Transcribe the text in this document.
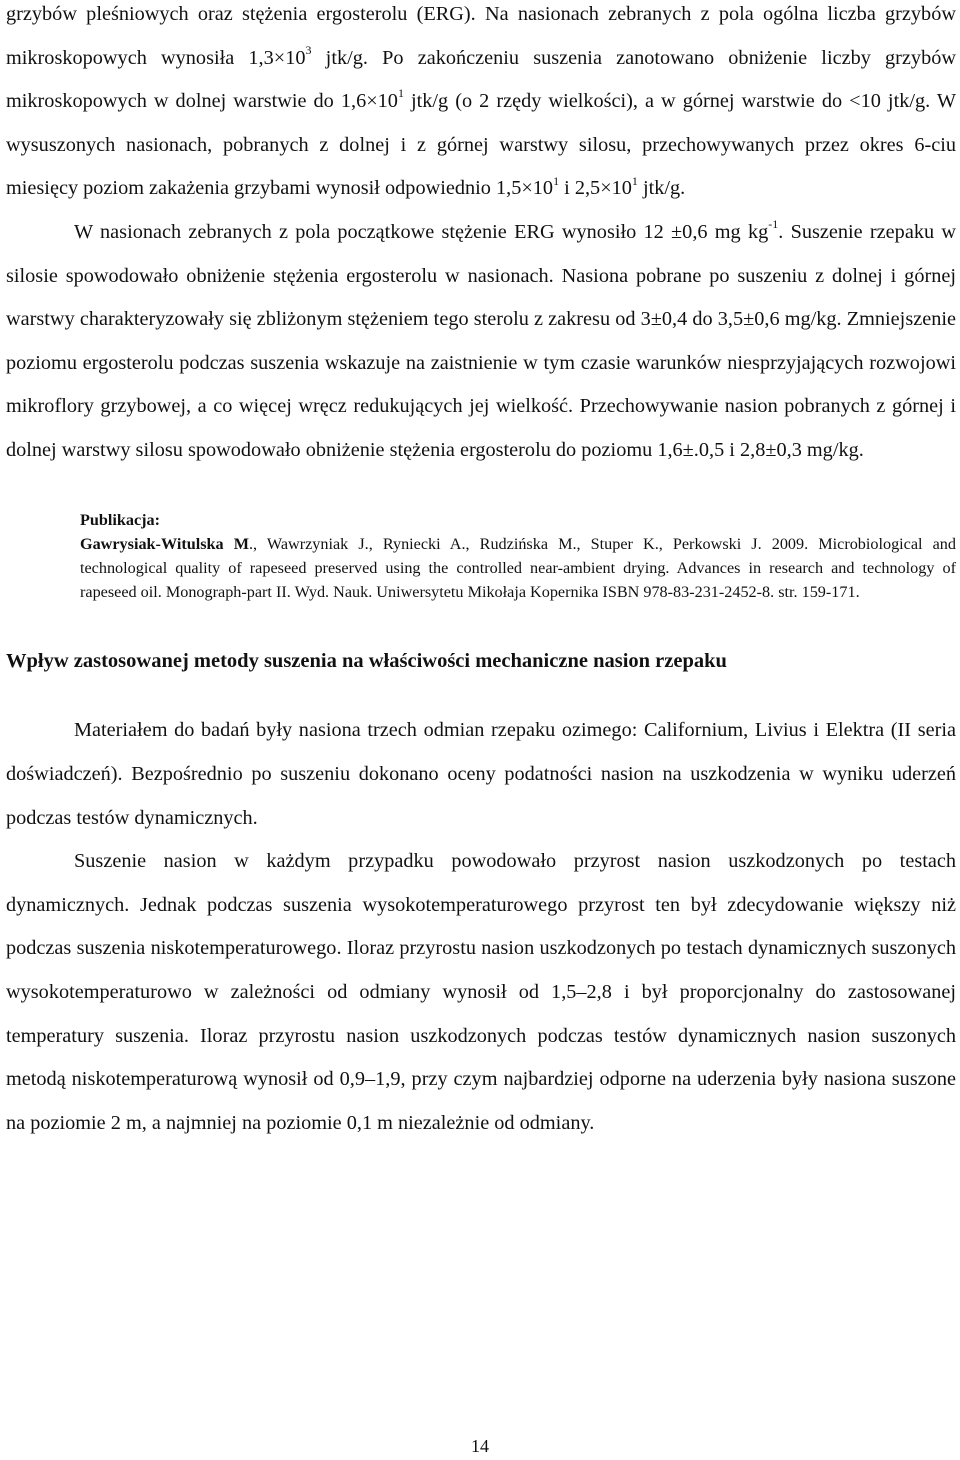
grzybów pleśniowych oraz stężenia ergosterolu (ERG). Na nasionach zebranych z pola ogólna liczba grzybów mikroskopowych wynosiła $1,3\times 10^3$ jtk/g. Po zakończeniu suszenia zanotowano obniżenie liczby grzybów mikroskopowych w dolnej warstwie do $1,6\times 10^1$ jtk/g (o 2 rzędy wielkości), a w górnej warstwie do <10 jtk/g. W wysuszonych nasionach, pobranych z dolnej i z górnej warstwy silosu, przechowywanych przez okres 6-ciu miesięcy poziom zakażenia grzybami wynosił odpowiednio $1,5\times 10^1$ i $2,5\times 10^1$ jtk/g.

W nasionach zebranych z pola początkowe stężenie ERG wynosiło 12 ±0,6 mg $kg^{-1}$. Suszenie rzepaku w silosie spowodowało obniżenie stężenia ergosterolu w nasionach. Nasiona pobrane po suszeniu z dolnej i górnej warstwy charakteryzowały się zbliżonym stężeniem tego sterolu z zakresu od 3±0,4 do 3,5±0,6 mg/kg. Zmniejszenie poziomu ergosterolu podczas suszenia wskazuje na zaistnienie w tym czasie warunków niesprzyjających rozwojowi mikroflory grzybowej, a co więcej wręcz redukujących jej wielkość. Przechowywanie nasion pobranych z górnej i dolnej warstwy silosu spowodowało obniżenie stężenia ergosterolu do poziomu 1,6±.0,5 i 2,8±0,3 mg/kg.

Publikacja:
Gawrysiak-Witulska M., Wawrzyniak J., Ryniecki A., Rudzińska M., Stuper K., Perkowski J. 2009. Microbiological and technological quality of rapeseed preserved using the controlled near-ambient drying. Advances in research and technology of rapeseed oil. Monograph-part II. Wyd. Nauk. Uniwersytetu Mikołaja Kopernika ISBN 978-83-231-2452-8. str. 159-171.
Wpływ zastosowanej metody suszenia na właściwości mechaniczne nasion rzepaku

Materiałem do badań były nasiona trzech odmian rzepaku ozimego: Californium, Livius i Elektra (II seria doświadczeń). Bezpośrednio po suszeniu dokonano oceny podatności nasion na uszkodzenia w wyniku uderzeń podczas testów dynamicznych.

Suszenie nasion w każdym przypadku powodowało przyrost nasion uszkodzonych po testach dynamicznych. Jednak podczas suszenia wysokotemperaturowego przyrost ten był zdecydowanie większy niż podczas suszenia niskotemperaturowego. Iloraz przyrostu nasion uszkodzonych po testach dynamicznych suszonych wysokotemperaturowo w zależności od odmiany wynosił od 1,5–2,8 i był proporcjonalny do zastosowanej temperatury suszenia. Iloraz przyrostu nasion uszkodzonych podczas testów dynamicznych nasion suszonych metodą niskotemperaturową wynosił od 0,9–1,9, przy czym najbardziej odporne na uderzenia były nasiona suszone na poziomie 2 m, a najmniej na poziomie 0,1 m niezależnie od odmiany.

14
